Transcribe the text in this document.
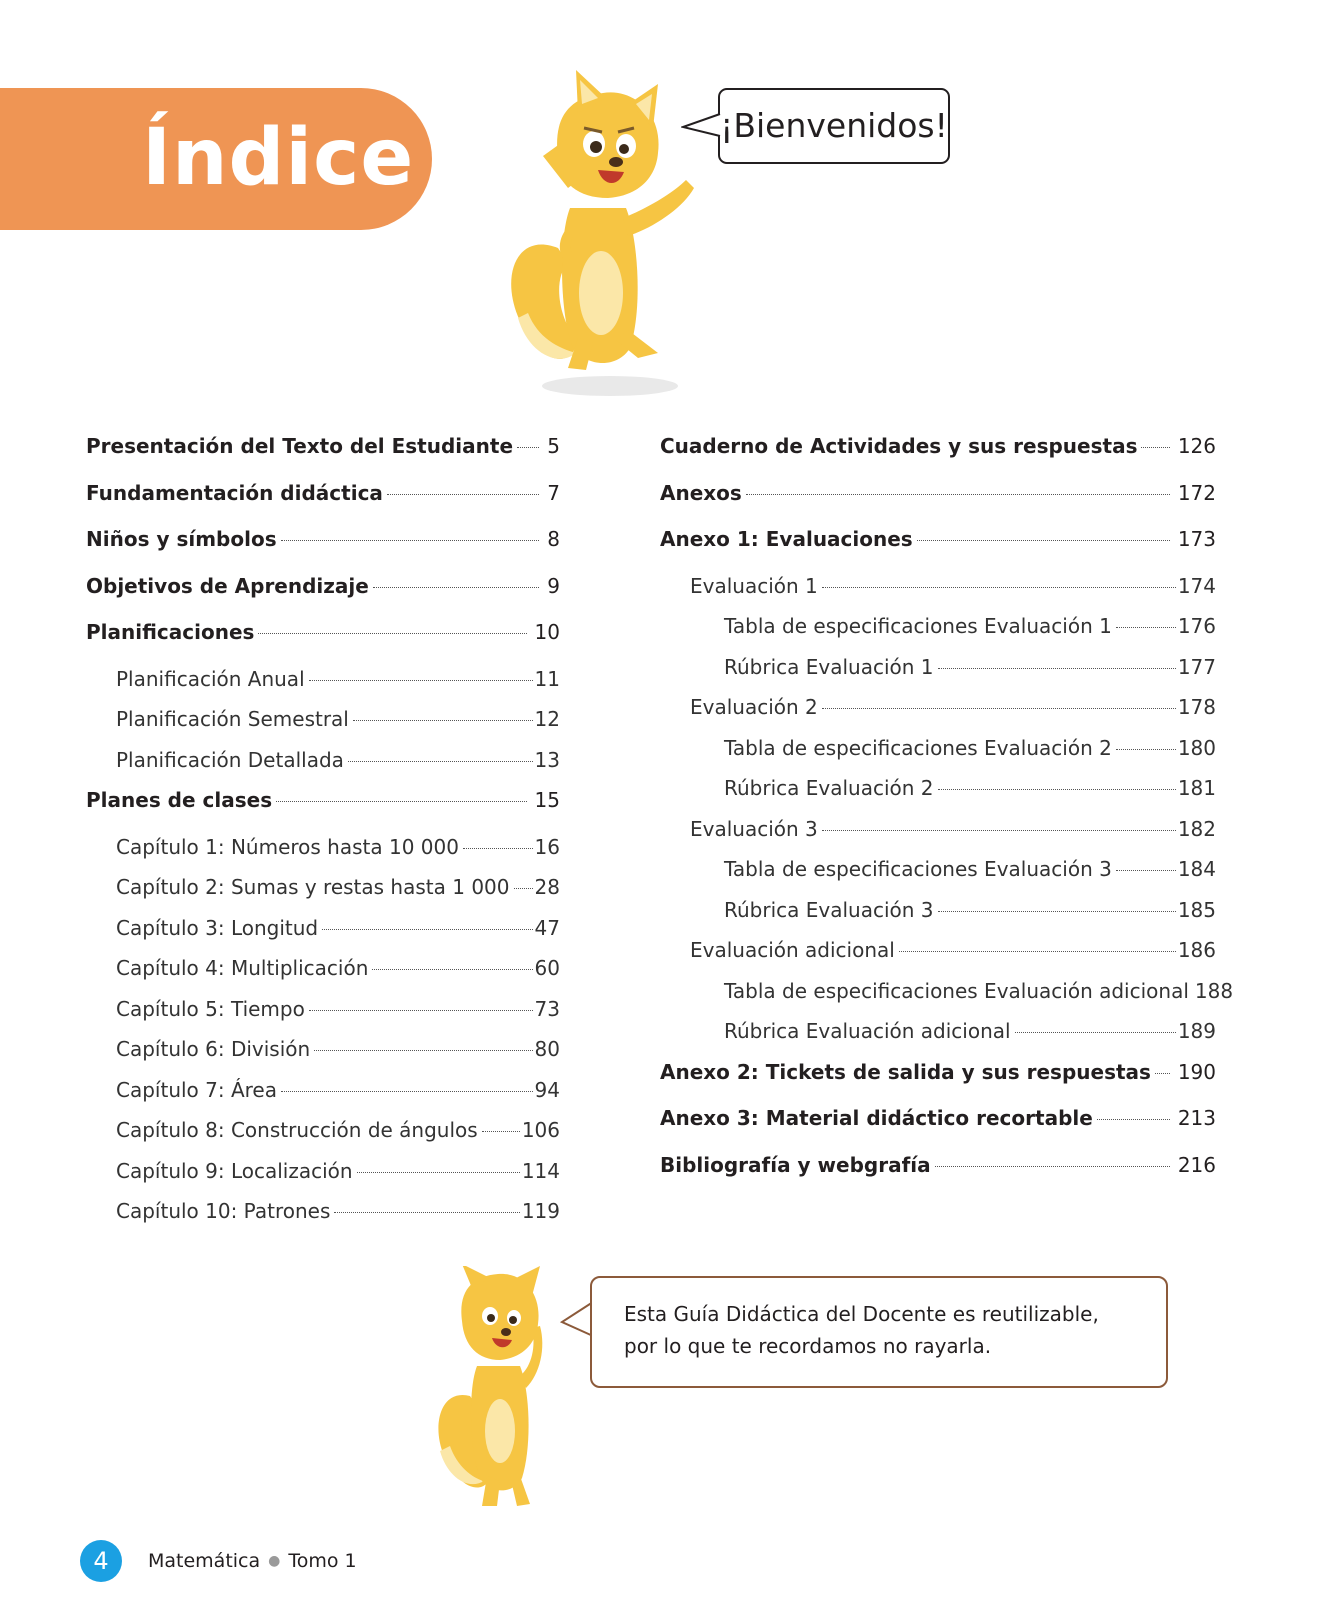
Índice	¡Bienvenidos!
Presentación del Texto del Estudiante 5
Fundamentación didáctica	7
Niños y símbolos	8
Objetivos de Aprendizaje	9
Planificaciones	10
Planificación Anual	11
Planificación Semestral	12
Planificación Detallada	13
Planes de clases	15
Capítulo 1: Números hasta 10 000	16
Capítulo 2: Sumas y restas hasta 1 000 28
Capítulo 3: Longitud	47
Capítulo 4: Multiplicación	60
Capítulo 5: Tiempo	73
Capítulo 6: División	80
Capítulo 7: Área	94
Capítulo 8: Construcción de ángulos 106
Capítulo 9: Localización	114
Capítulo 10: Patrones	119
Cuaderno de Actividades y sus respuestas 126
Anexos	172
Anexo 1: Evaluaciones	173
Evaluación 1	174
Tabla de especificaciones Evaluación 1	176
Rúbrica Evaluación 1	177
Evaluación 2	178
Tabla de especificaciones Evaluación 2	180
Rúbrica Evaluación 2	181
Evaluación 3	182
Tabla de especificaciones Evaluación 3	184
Rúbrica Evaluación 3	185
Evaluación adicional	186
Tabla de especificaciones Evaluación adicional 188
Rúbrica Evaluación adicional	189
Anexo 2: Tickets de salida y sus respuestas 190
Anexo 3: Material didáctico recortable	213
Bibliografía y webgrafía	216
Esta Guía Didáctica del Docente es reutilizable,
por lo que te recordamos no rayarla.
4	Matemática ● Tomo 1
